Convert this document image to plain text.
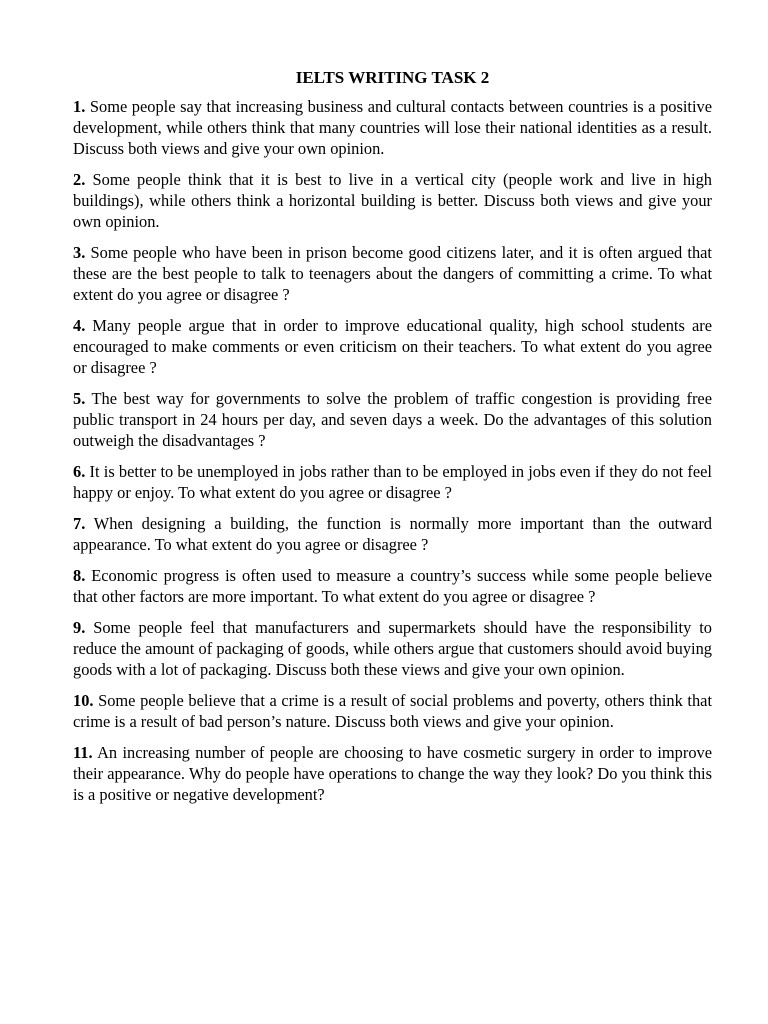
IELTS WRITING TASK 2
1. Some people say that increasing business and cultural contacts between countries is a positive development, while others think that many countries will lose their national identities as a result. Discuss both views and give your own opinion.
2. Some people think that it is best to live in a vertical city (people work and live in high buildings), while others think a horizontal building is better. Discuss both views and give your own opinion.
3. Some people who have been in prison become good citizens later, and it is often argued that these are the best people to talk to teenagers about the dangers of committing a crime. To what extent do you agree or disagree ?
4. Many people argue that in order to improve educational quality, high school students are encouraged to make comments or even criticism on their teachers. To what extent do you agree or disagree ?
5. The best way for governments to solve the problem of traffic congestion is providing free public transport in 24 hours per day, and seven days a week. Do the advantages of this solution outweigh the disadvantages ?
6. It is better to be unemployed in jobs rather than to be employed in jobs even if they do not feel happy or enjoy. To what extent do you agree or disagree ?
7. When designing a building, the function is normally more important than the outward appearance. To what extent do you agree or disagree ?
8. Economic progress is often used to measure a country’s success while some people believe that other factors are more important. To what extent do you agree or disagree ?
9. Some people feel that manufacturers and supermarkets should have the responsibility to reduce the amount of packaging of goods, while others argue that customers should avoid buying goods with a lot of packaging. Discuss both these views and give your own opinion.
10. Some people believe that a crime is a result of social problems and poverty, others think that crime is a result of bad person’s nature. Discuss both views and give your opinion.
11. An increasing number of people are choosing to have cosmetic surgery in order to improve their appearance. Why do people have operations to change the way they look? Do you think this is a positive or negative development?
